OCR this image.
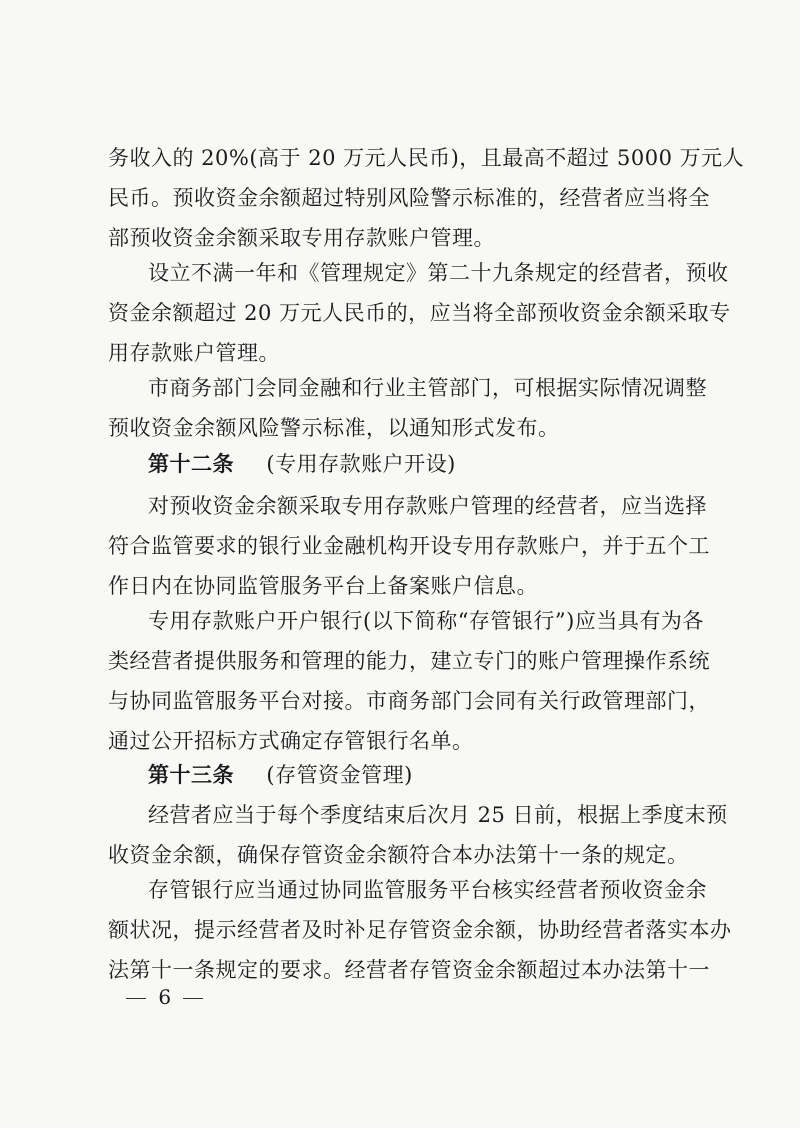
务收入的 20%(高于 20 万元人民币)，且最高不超过 5000 万元人
民币。预收资金余额超过特别风险警示标准的，经营者应当将全
部预收资金余额采取专用存款账户管理。
设立不满一年和《管理规定》第二十九条规定的经营者，预收
资金余额超过 20 万元人民币的，应当将全部预收资金余额采取专
用存款账户管理。
市商务部门会同金融和行业主管部门，可根据实际情况调整
预收资金余额风险警示标准，以通知形式发布。
第十二条 (专用存款账户开设)
对预收资金余额采取专用存款账户管理的经营者，应当选择
符合监管要求的银行业金融机构开设专用存款账户，并于五个工
作日内在协同监管服务平台上备案账户信息。
专用存款账户开户银行(以下简称“存管银行”)应当具有为各
类经营者提供服务和管理的能力，建立专门的账户管理操作系统
与协同监管服务平台对接。市商务部门会同有关行政管理部门，
通过公开招标方式确定存管银行名单。
第十三条 (存管资金管理)
经营者应当于每个季度结束后次月 25 日前，根据上季度末预
收资金余额，确保存管资金余额符合本办法第十一条的规定。
存管银行应当通过协同监管服务平台核实经营者预收资金余
额状况，提示经营者及时补足存管资金余额，协助经营者落实本办
法第十一条规定的要求。经营者存管资金余额超过本办法第十一
6
